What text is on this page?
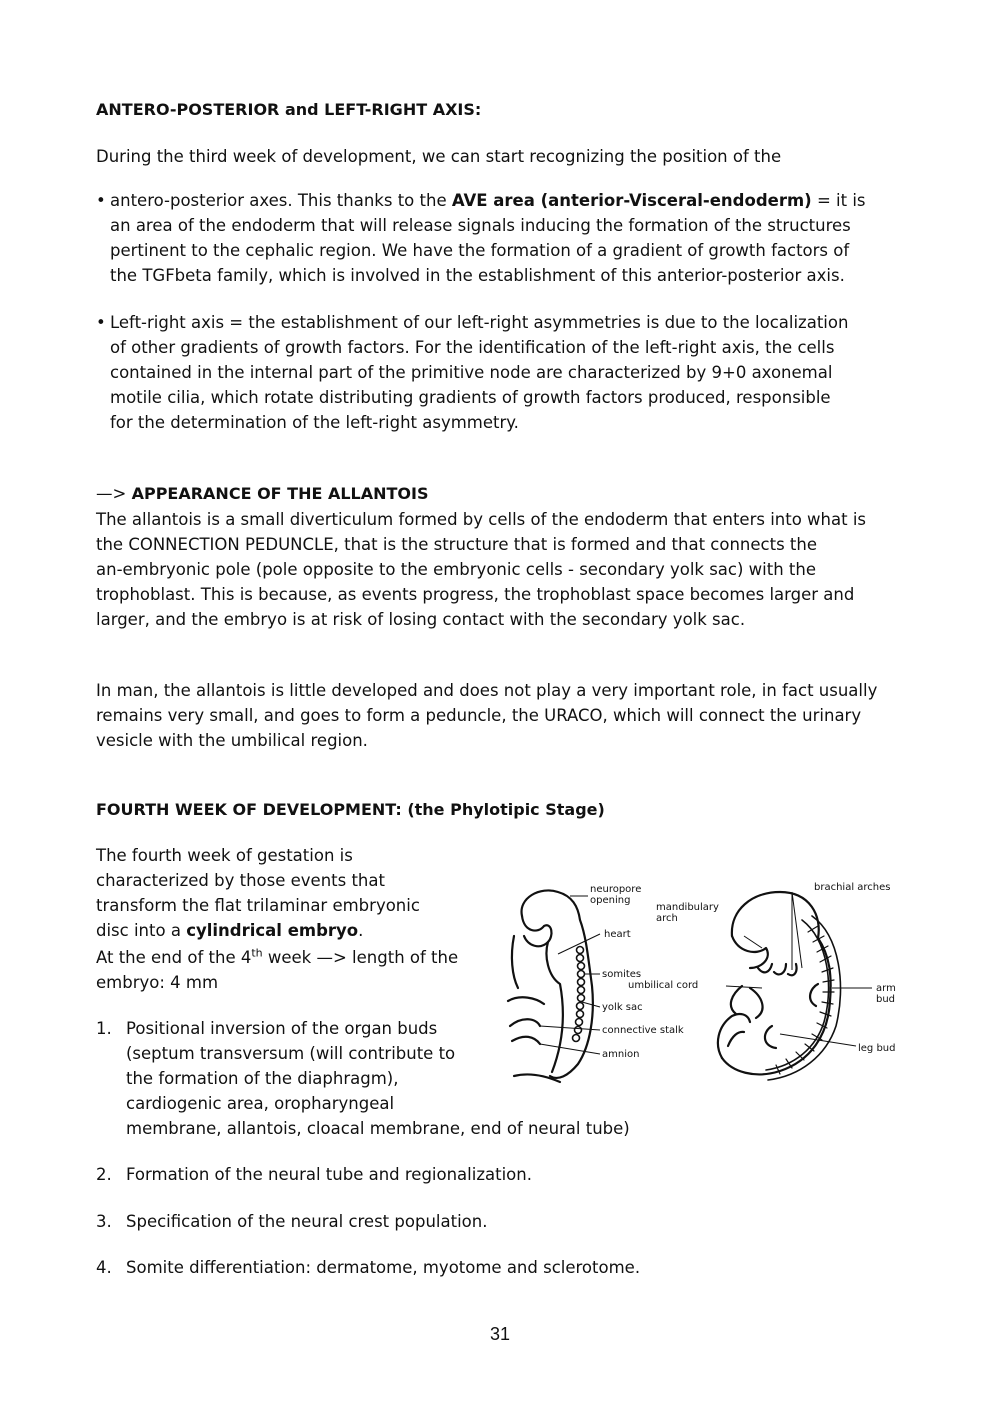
ANTERO-POSTERIOR and LEFT-RIGHT AXIS:
During the third week of development, we can start recognizing the position of the
• antero-posterior axes. This thanks to the AVE area (anterior-Visceral-endoderm) = it is
an area of the endoderm that will release signals inducing the formation of the structures
pertinent to the cephalic region. We have the formation of a gradient of growth factors of
the TGFbeta family, which is involved in the establishment of this anterior-posterior axis.
• Left-right axis = the establishment of our left-right asymmetries is due to the localization
of other gradients of growth factors. For the identification of the left-right axis, the cells
contained in the internal part of the primitive node are characterized by 9+0 axonemal
motile cilia, which rotate distributing gradients of growth factors produced, responsible
for the determination of the left-right asymmetry.
—> APPEARANCE OF THE ALLANTOIS
The allantois is a small diverticulum formed by cells of the endoderm that enters into what is
the CONNECTION PEDUNCLE, that is the structure that is formed and that connects the
an-embryonic pole (pole opposite to the embryonic cells - secondary yolk sac) with the
trophoblast. This is because, as events progress, the trophoblast space becomes larger and
larger, and the embryo is at risk of losing contact with the secondary yolk sac.
In man, the allantois is little developed and does not play a very important role, in fact usually
remains very small, and goes to form a peduncle, the URACO, which will connect the urinary
vesicle with the umbilical region.
FOURTH WEEK OF DEVELOPMENT: (the Phylotipic Stage)
The fourth week of gestation is
characterized by those events that
transform the flat trilaminar embryonic
disc into a cylindrical embryo.
At the end of the 4th week —> length of the
embryo: 4 mm
1. Positional inversion of the organ buds
(septum transversum (will contribute to
the formation of the diaphragm),
cardiogenic area, oropharyngeal
membrane, allantois, cloacal membrane, end of neural tube)
2. Formation of the neural tube and regionalization.
3. Specification of the neural crest population.
4. Somite differentiation: dermatome, myotome and sclerotome.
neuropore
opening
heart
somites
yolk sac
connective stalk
amnion
mandibulary
arch
umbilical cord
brachial arches
arm
bud
leg bud
31
